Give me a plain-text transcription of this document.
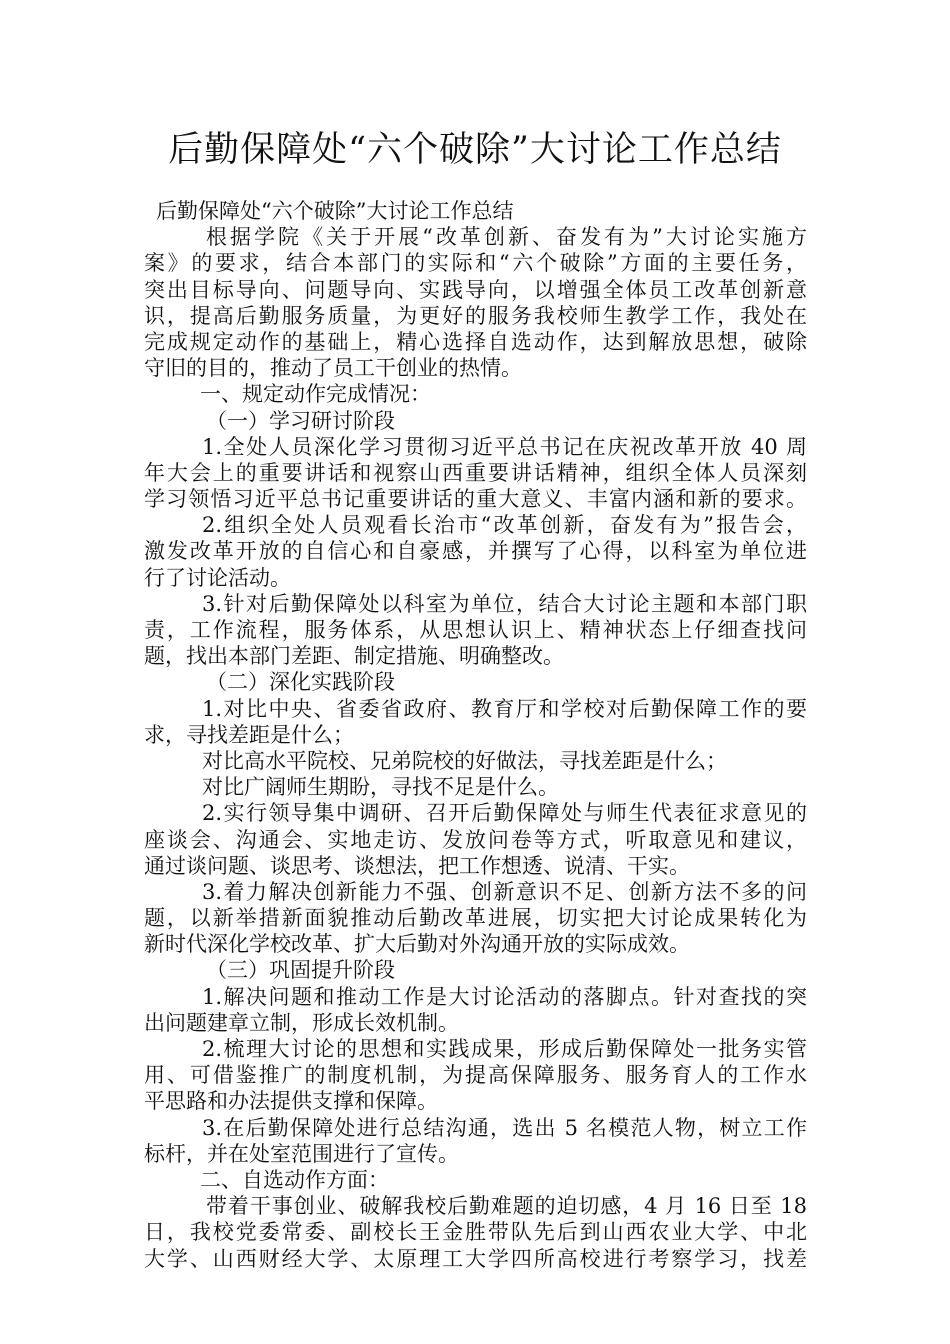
后勤保障处“六个破除”大讨论工作总结
后勤保障处“六个破除”大讨论工作总结
根据学院《关于开展“改革创新、奋发有为”大讨论实施方
案》的要求，结合本部门的实际和“六个破除”方面的主要任务，
突出目标导向、问题导向、实践导向，以增强全体员工改革创新意
识，提高后勤服务质量，为更好的服务我校师生教学工作，我处在
完成规定动作的基础上，精心选择自选动作，达到解放思想，破除
守旧的目的，推动了员工干创业的热情。
一、规定动作完成情况：
（一）学习研讨阶段
1.全处人员深化学习贯彻习近平总书记在庆祝改革开放 40 周
年大会上的重要讲话和视察山西重要讲话精神，组织全体人员深刻
学习领悟习近平总书记重要讲话的重大意义、丰富内涵和新的要求。
2.组织全处人员观看长治市“改革创新，奋发有为”报告会，
激发改革开放的自信心和自豪感，并撰写了心得，以科室为单位进
行了讨论活动。
3.针对后勤保障处以科室为单位，结合大讨论主题和本部门职
责，工作流程，服务体系，从思想认识上、精神状态上仔细查找问
题，找出本部门差距、制定措施、明确整改。
（二）深化实践阶段
1.对比中央、省委省政府、教育厅和学校对后勤保障工作的要
求，寻找差距是什么；
对比高水平院校、兄弟院校的好做法，寻找差距是什么；
对比广阔师生期盼，寻找不足是什么。
2.实行领导集中调研、召开后勤保障处与师生代表征求意见的
座谈会、沟通会、实地走访、发放问卷等方式，听取意见和建议，
通过谈问题、谈思考、谈想法，把工作想透、说清、干实。
3.着力解决创新能力不强、创新意识不足、创新方法不多的问
题，以新举措新面貌推动后勤改革进展，切实把大讨论成果转化为
新时代深化学校改革、扩大后勤对外沟通开放的实际成效。
（三）巩固提升阶段
1.解决问题和推动工作是大讨论活动的落脚点。针对查找的突
出问题建章立制，形成长效机制。
2.梳理大讨论的思想和实践成果，形成后勤保障处一批务实管
用、可借鉴推广的制度机制，为提高保障服务、服务育人的工作水
平思路和办法提供支撑和保障。
3.在后勤保障处进行总结沟通，选出 5 名模范人物，树立工作
标杆，并在处室范围进行了宣传。
二、自选动作方面：
带着干事创业、破解我校后勤难题的迫切感，4 月 16 日至 18
日，我校党委常委、副校长王金胜带队先后到山西农业大学、中北
大学、山西财经大学、太原理工大学四所高校进行考察学习，找差
